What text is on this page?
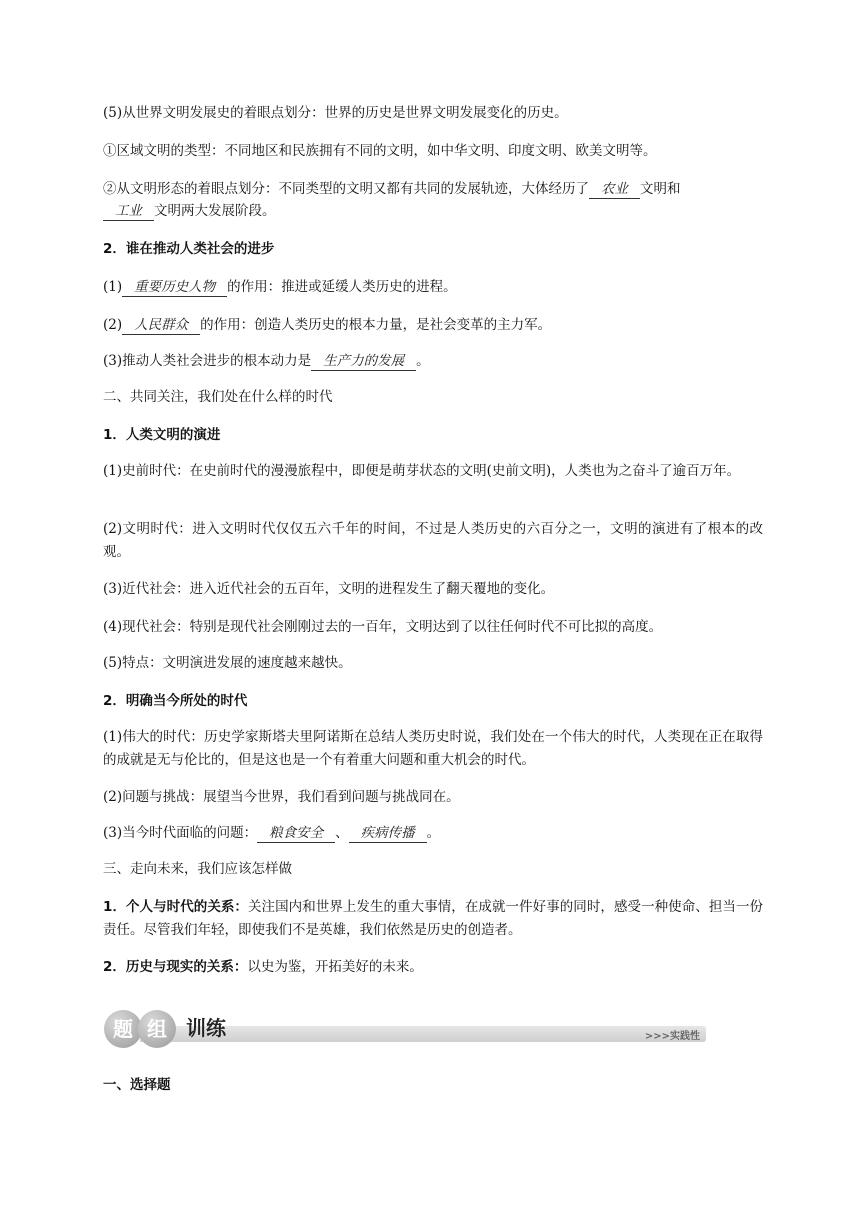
(5)从世界文明发展史的着眼点划分：世界的历史是世界文明发展变化的历史。
①区域文明的类型：不同地区和民族拥有不同的文明，如中华文明、印度文明、欧美文明等。
②从文明形态的着眼点划分：不同类型的文明又都有共同的发展轨迹，大体经历了 农业 文明和
工业 文明两大发展阶段。
2．谁在推动人类社会的进步
(1) 重要历史人物 的作用：推进或延缓人类历史的进程。
(2) 人民群众 的作用：创造人类历史的根本力量，是社会变革的主力军。
(3)推动人类社会进步的根本动力是 生产力的发展 。
二、共同关注，我们处在什么样的时代
1．人类文明的演进
(1)史前时代：在史前时代的漫漫旅程中，即便是萌芽状态的文明(史前文明)，人类也为之奋斗了逾百万年。
(2)文明时代：进入文明时代仅仅五六千年的时间，不过是人类历史的六百分之一，文明的演进有了根本的改观。
(3)近代社会：进入近代社会的五百年，文明的进程发生了翻天覆地的变化。
(4)现代社会：特别是现代社会刚刚过去的一百年，文明达到了以往任何时代不可比拟的高度。
(5)特点：文明演进发展的速度越来越快。
2．明确当今所处的时代
(1)伟大的时代：历史学家斯塔夫里阿诺斯在总结人类历史时说，我们处在一个伟大的时代，人类现在正在取得的成就是无与伦比的，但是这也是一个有着重大问题和重大机会的时代。
(2)问题与挑战：展望当今世界，我们看到问题与挑战同在。
(3)当今时代面临的问题： 粮食安全 、 疾病传播 。
三、走向未来，我们应该怎样做
1．个人与时代的关系：关注国内和世界上发生的重大事情，在成就一件好事的同时，感受一种使命、担当一份责任。尽管我们年轻，即使我们不是英雄，我们依然是历史的创造者。
2．历史与现实的关系：以史为鉴，开拓美好的未来。
题 组 训练	>>>实践性
一、选择题
